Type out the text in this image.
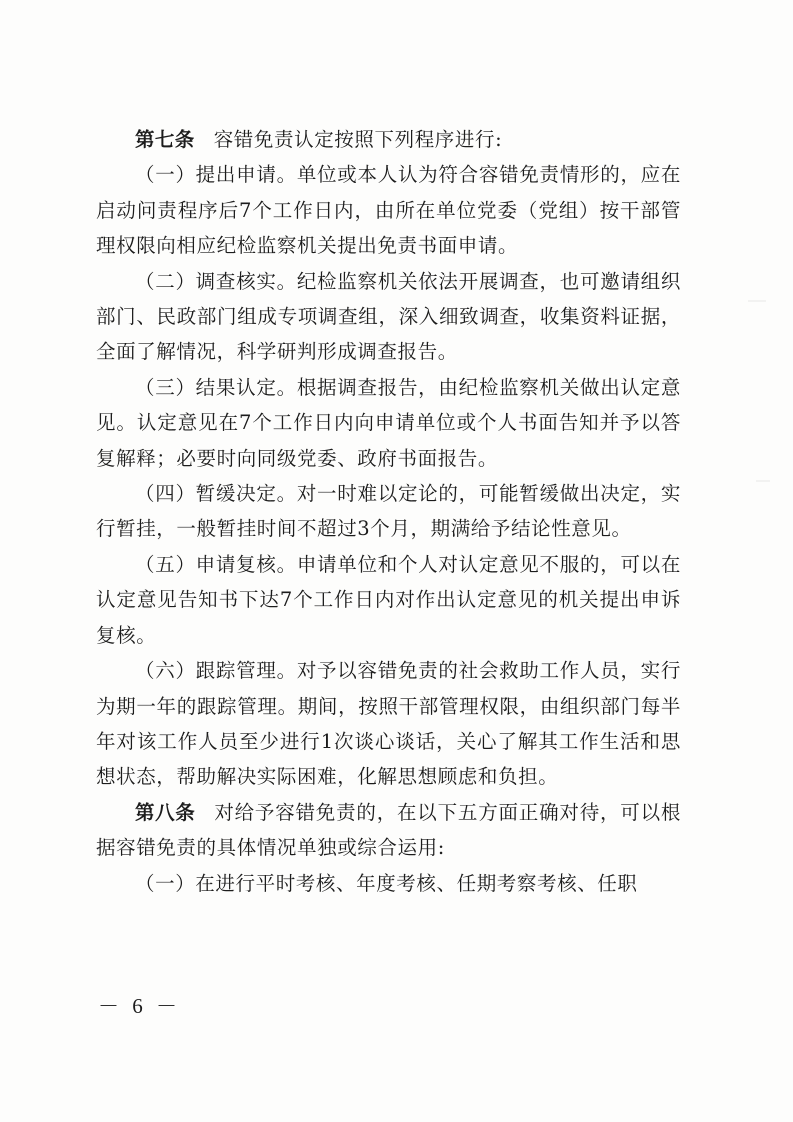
第七条 容错免责认定按照下列程序进行:

（一）提出申请。单位或本人认为符合容错免责情形的，应在启动问责程序后7个工作日内，由所在单位党委（党组）按干部管理权限向相应纪检监察机关提出免责书面申请。

（二）调查核实。纪检监察机关依法开展调查，也可邀请组织部门、民政部门组成专项调查组，深入细致调查，收集资料证据，全面了解情况，科学研判形成调查报告。

（三）结果认定。根据调查报告，由纪检监察机关做出认定意见。认定意见在7个工作日内向申请单位或个人书面告知并予以答复解释；必要时向同级党委、政府书面报告。

（四）暂缓决定。对一时难以定论的，可能暂缓做出决定，实行暂挂，一般暂挂时间不超过3个月，期满给予结论性意见。

（五）申请复核。申请单位和个人对认定意见不服的，可以在认定意见告知书下达7个工作日内对作出认定意见的机关提出申诉复核。

（六）跟踪管理。对予以容错免责的社会救助工作人员，实行为期一年的跟踪管理。期间，按照干部管理权限，由组织部门每半年对该工作人员至少进行1次谈心谈话，关心了解其工作生活和思想状态，帮助解决实际困难，化解思想顾虑和负担。

第八条 对给予容错免责的，在以下五方面正确对待，可以根据容错免责的具体情况单独或综合运用:

（一）在进行平时考核、年度考核、任期考察考核、任职

－ 6 －
